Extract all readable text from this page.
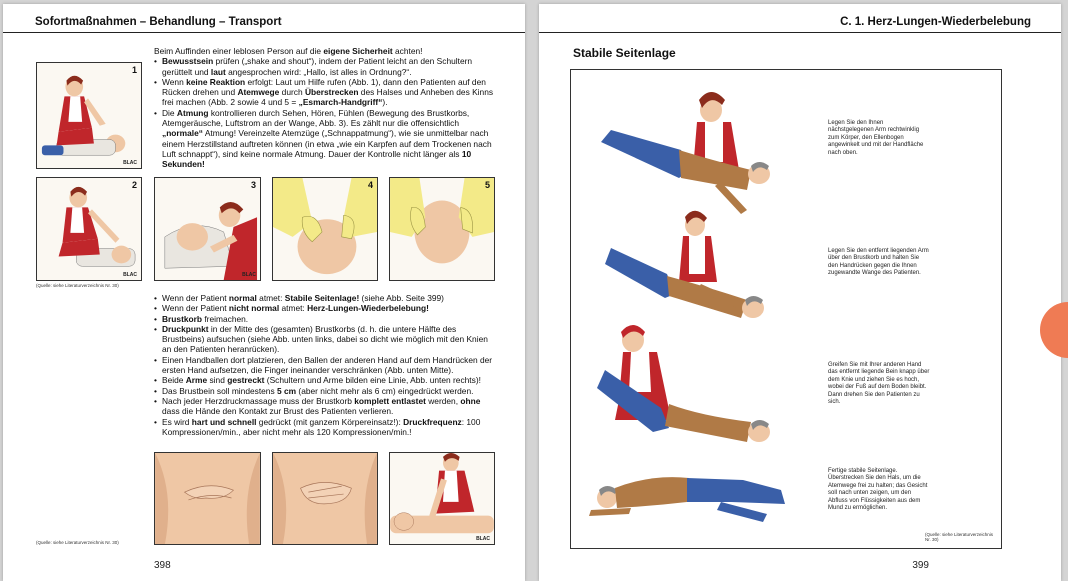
Sofortmaßnahmen – Behandlung – Transport
1
BLAC

Beim Auffinden einer leblosen Person auf die eigene Sicherheit achten!

• Bewusstsein prüfen („shake and shout“), indem der Patient leicht an den Schultern gerüttelt und laut angesprochen wird: „Hallo, ist alles in Ordnung?“.
• Wenn keine Reaktion erfolgt: Laut um Hilfe rufen (Abb. 1), dann den Patienten auf den Rücken drehen und Atemwege durch Überstrecken des Halses und Anheben des Kinns frei machen (Abb. 2 sowie 4 und 5 = „Esmarch-Handgriff“).
• Die Atmung kontrollieren durch Sehen, Hören, Fühlen (Bewegung des Brustkorbs, Atemgeräusche, Luftstrom an der Wange, Abb. 3). Es zählt nur die offensichtlich „normale“ Atmung! Vereinzelte Atemzüge („Schnappatmung“), wie sie unmittelbar nach einem Herzstillstand auftreten können (in etwa „wie ein Karpfen auf dem Trockenen nach Luft schnappt“), sind keine normale Atmung. Dauer der Kontrolle nicht länger als 10 Sekunden!
2
BLAC
3
BLAC
4	5
(Quelle: siehe Literaturverzeichnis Nr. 30)
• Wenn der Patient normal atmet: Stabile Seitenlage! (siehe Abb. Seite 399)
• Wenn der Patient nicht normal atmet: Herz-Lungen-Wiederbelebung!
• Brustkorb freimachen.
• Druckpunkt in der Mitte des (gesamten) Brustkorbs (d. h. die untere Hälfte des Brustbeins) aufsuchen (siehe Abb. unten links, dabei so dicht wie möglich mit den Knien an den Patienten heranrücken).
• Einen Handballen dort platzieren, den Ballen der anderen Hand auf dem Handrücken der ersten Hand aufsetzen, die Finger ineinander verschränken (Abb. unten Mitte).
• Beide Arme sind gestreckt (Schultern und Arme bilden eine Linie, Abb. unten rechts)!
• Das Brustbein soll mindestens 5 cm (aber nicht mehr als 6 cm) eingedrückt werden.
• Nach jeder Herzdruckmassage muss der Brustkorb komplett entlastet werden, ohne dass die Hände den Kontakt zur Brust des Patienten verlieren.
• Es wird hart und schnell gedrückt (mit ganzem Körpereinsatz!): Druckfrequenz: 100 Kompressionen/min., aber nicht mehr als 120 Kompressionen/min.!
BLAC
(Quelle: siehe Literaturverzeichnis Nr. 30)
398
C. 1. Herz-Lungen-Wiederbelebung
Stabile Seitenlage
Legen Sie den Ihnen nächstgelegenen Arm rechtwinklig zum Körper, den Ellenbogen angewinkelt und mit der Handfläche nach oben.
Legen Sie den entfernt liegenden Arm über den Brustkorb und halten Sie den Handrücken gegen die Ihnen zugewandte Wange des Patienten.
Greifen Sie mit Ihrer anderen Hand das entfernt liegende Bein knapp über dem Knie und ziehen Sie es hoch, wobei der Fuß auf dem Boden bleibt. Dann drehen Sie den Patienten zu sich.
Fertige stabile Seitenlage. Überstrecken Sie den Hals, um die Atemwege frei zu halten; das Gesicht soll nach unten zeigen, um den Abfluss von Flüssigkeiten aus dem Mund zu ermöglichen.
(Quelle: siehe Literaturverzeichnis Nr. 30)
399
